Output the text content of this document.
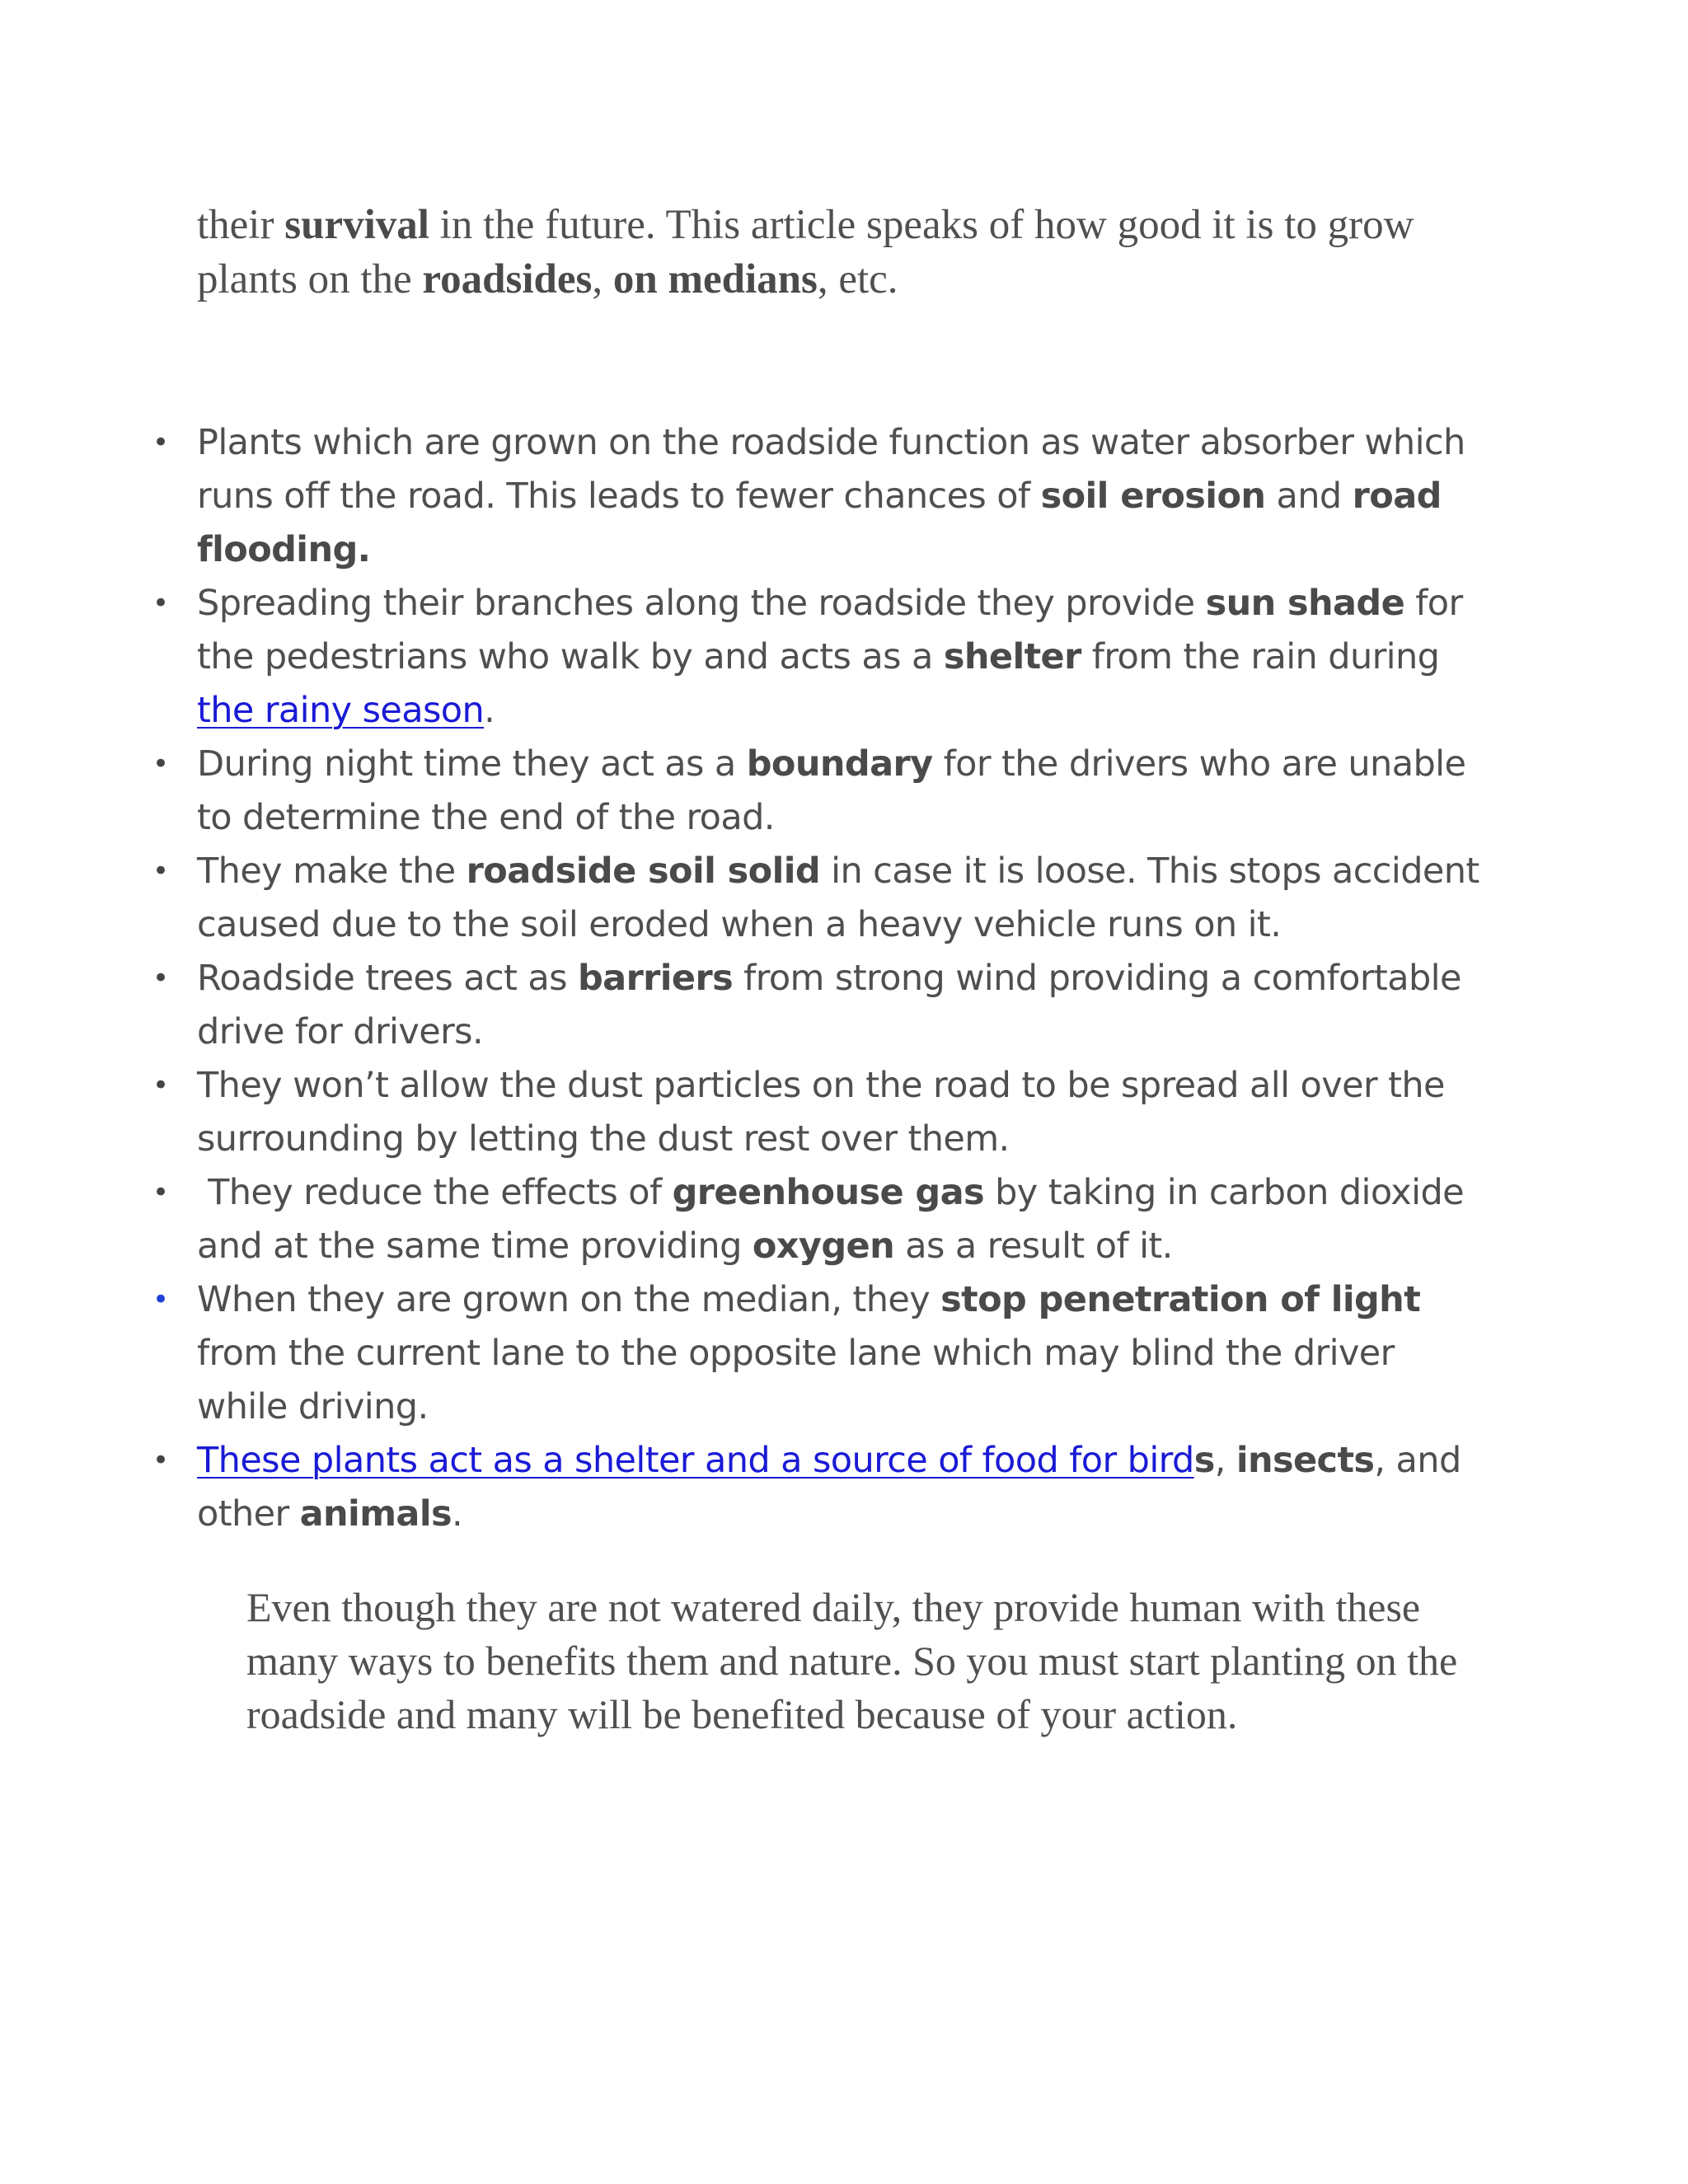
their survival in the future. This article speaks of how good it is to grow plants on the roadsides, on medians, etc.

• Plants which are grown on the roadside function as water absorber which runs off the road. This leads to fewer chances of soil erosion and road flooding.
• Spreading their branches along the roadside they provide sun shade for the pedestrians who walk by and acts as a shelter from the rain during the rainy season.
• During night time they act as a boundary for the drivers who are unable to determine the end of the road.
• They make the roadside soil solid in case it is loose. This stops accident caused due to the soil eroded when a heavy vehicle runs on it.
• Roadside trees act as barriers from strong wind providing a comfortable drive for drivers.
• They won’t allow the dust particles on the road to be spread all over the surrounding by letting the dust rest over them.
• They reduce the effects of greenhouse gas by taking in carbon dioxide and at the same time providing oxygen as a result of it.
• When they are grown on the median, they stop penetration of light from the current lane to the opposite lane which may blind the driver while driving.
• These plants act as a shelter and a source of food for birds, insects, and other animals.

Even though they are not watered daily, they provide human with these many ways to benefits them and nature. So you must start planting on the roadside and many will be benefited because of your action.
